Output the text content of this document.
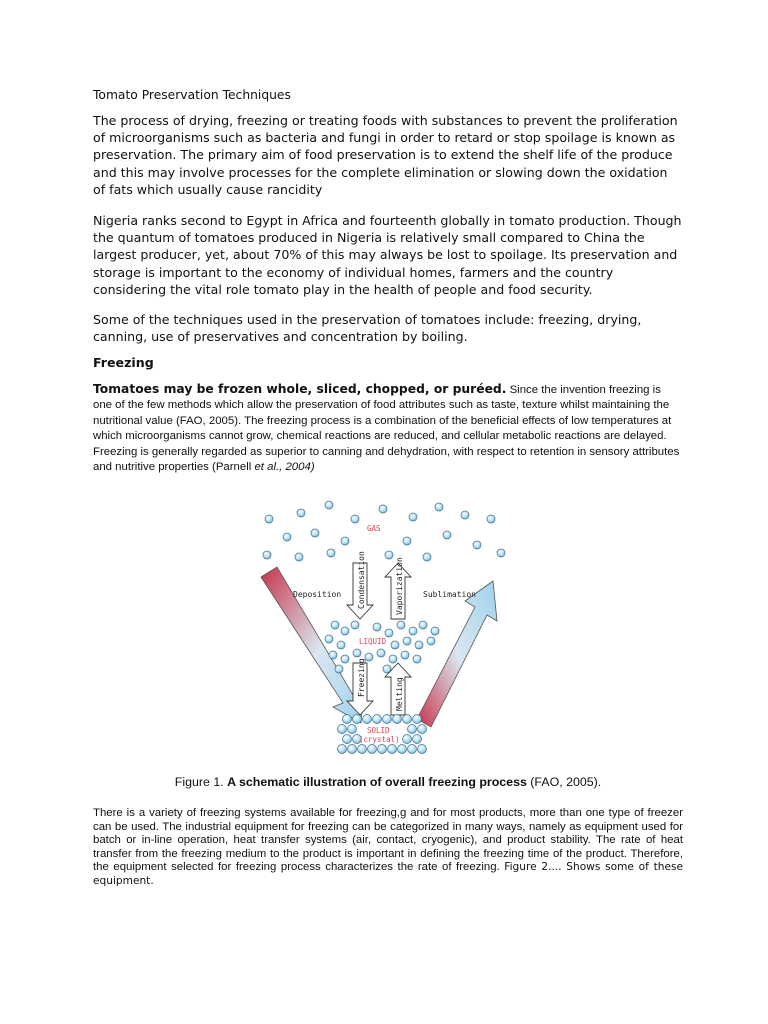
Tomato Preservation Techniques

The process of drying, freezing or treating foods with substances to prevent the proliferation of microorganisms such as bacteria and fungi in order to retard or stop spoilage is known as preservation. The primary aim of food preservation is to extend the shelf life of the produce and this may involve processes for the complete elimination or slowing down the oxidation of fats which usually cause rancidity

Nigeria ranks second to Egypt in Africa and fourteenth globally in tomato production. Though the quantum of tomatoes produced in Nigeria is relatively small compared to China the largest producer, yet, about 70% of this may always be lost to spoilage. Its preservation and storage is important to the economy of individual homes, farmers and the country considering the vital role tomato play in the health of people and food security.

Some of the techniques used in the preservation of tomatoes include: freezing, drying, canning, use of preservatives and concentration by boiling.

Freezing

Tomatoes may be frozen whole, sliced, chopped, or puréed. Since the invention freezing is one of the few methods which allow the preservation of food attributes such as taste, texture whilst maintaining the nutritional value (FAO, 2005). The freezing process is a combination of the beneficial effects of low temperatures at which microorganisms cannot grow, chemical reactions are reduced, and cellular metabolic reactions are delayed. Freezing is generally regarded as superior to canning and dehydration, with respect to retention in sensory attributes and nutritive properties (Parnell et al., 2004)

Figure 1. A schematic illustration of overall freezing process (FAO, 2005).

There is a variety of freezing systems available for freezing,g and for most products, more than one type of freezer can be used. The industrial equipment for freezing can be categorized in many ways, namely as equipment used for batch or in-line operation, heat transfer systems (air, contact, cryogenic), and product stability. The rate of heat transfer from the freezing medium to the product is important in defining the freezing time of the product. Therefore, the equipment selected for freezing process characterizes the rate of freezing. Figure 2.... Shows some of these equipment.

GAS
Deposition	Sublimation
Condensation	Vaporization
LIQUID
Freezing	Melting
SOLID
(crystal)
